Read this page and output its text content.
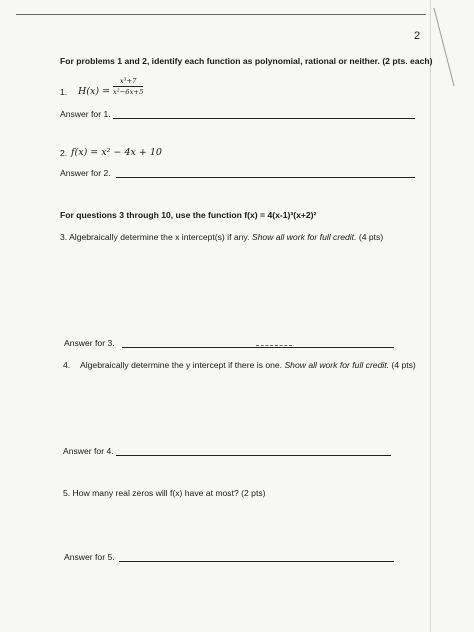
2
For problems 1 and 2, identify each function as polynomial, rational or neither. (2 pts. each)
1. $H(x) = \frac{\text{x³+7}}{\text{x²−6x+5}}$
Answer for 1.
2. f(x) = x² − 4x + 10
Answer for 2.
For questions 3 through 10, use the function f(x) = 4(x-1)³(x+2)²
3. Algebraically determine the x intercept(s) if any. Show all work for full credit. (4 pts)
Answer for 3.
4. Algebraically determine the y intercept if there is one. Show all work for full credit. (4 pts)
Answer for 4.
5. How many real zeros will f(x) have at most? (2 pts)
Answer for 5.
